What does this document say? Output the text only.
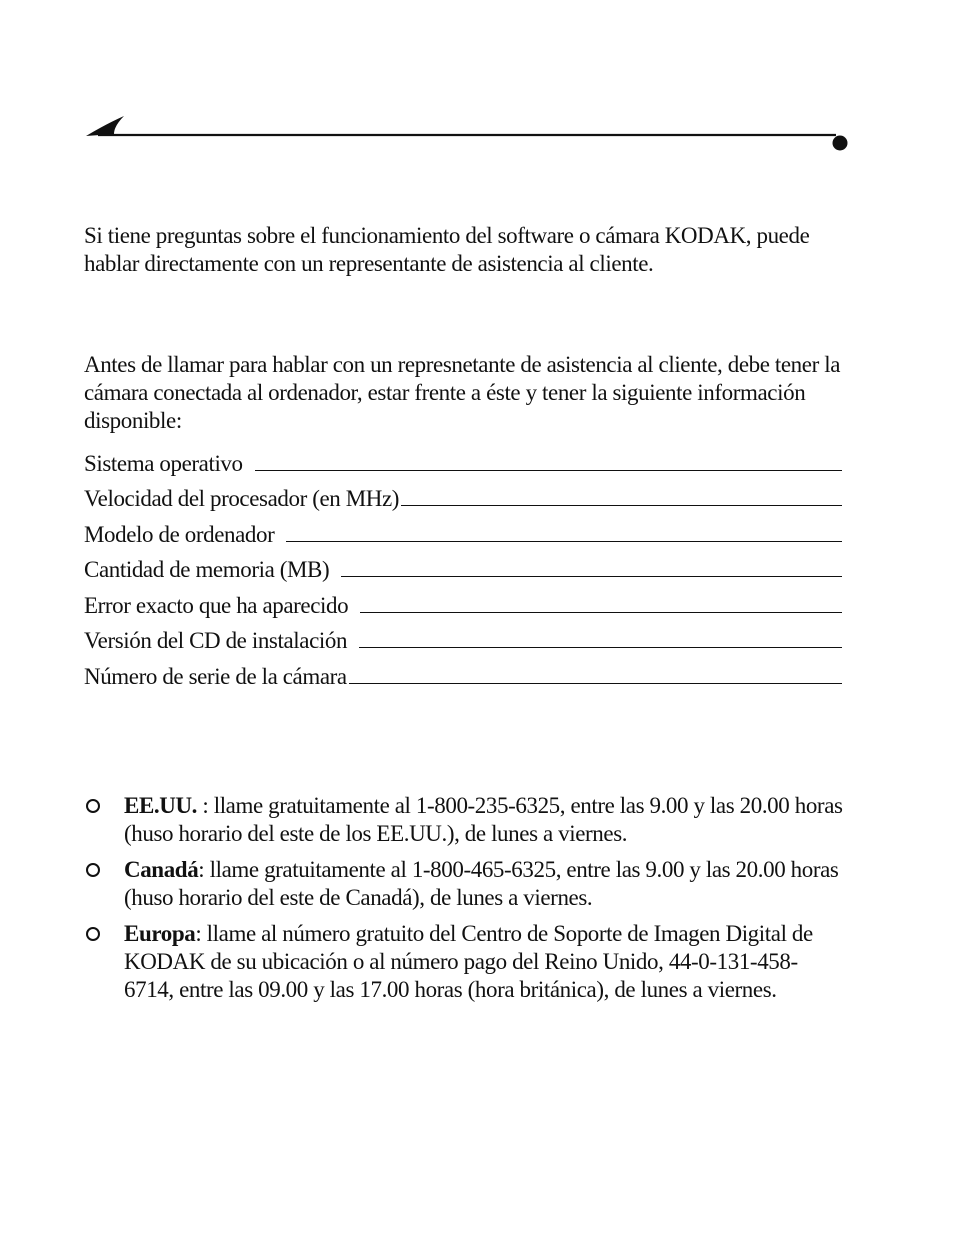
Si tiene preguntas sobre el funcionamiento del software o cámara KODAK, puede hablar directamente con un representante de asistencia al cliente.

Antes de llamar para hablar con un represnetante de asistencia al cliente, debe tener la cámara conectada al ordenador, estar frente a éste y tener la siguiente información disponible:

Sistema operativo
Velocidad del procesador (en MHz)
Modelo de ordenador
Cantidad de memoria (MB)
Error exacto que ha aparecido
Versión del CD de instalación
Número de serie de la cámara
EE.UU. : llame gratuitamente al 1-800-235-6325, entre las 9.00 y las 20.00 horas (huso horario del este de los EE.UU.), de lunes a viernes.
Canadá: llame gratuitamente al 1-800-465-6325, entre las 9.00 y las 20.00 horas (huso horario del este de Canadá), de lunes a viernes.
Europa: llame al número gratuito del Centro de Soporte de Imagen Digital de KODAK de su ubicación o al número pago del Reino Unido, 44-0-131-458-6714, entre las 09.00 y las 17.00 horas (hora británica), de lunes a viernes.
